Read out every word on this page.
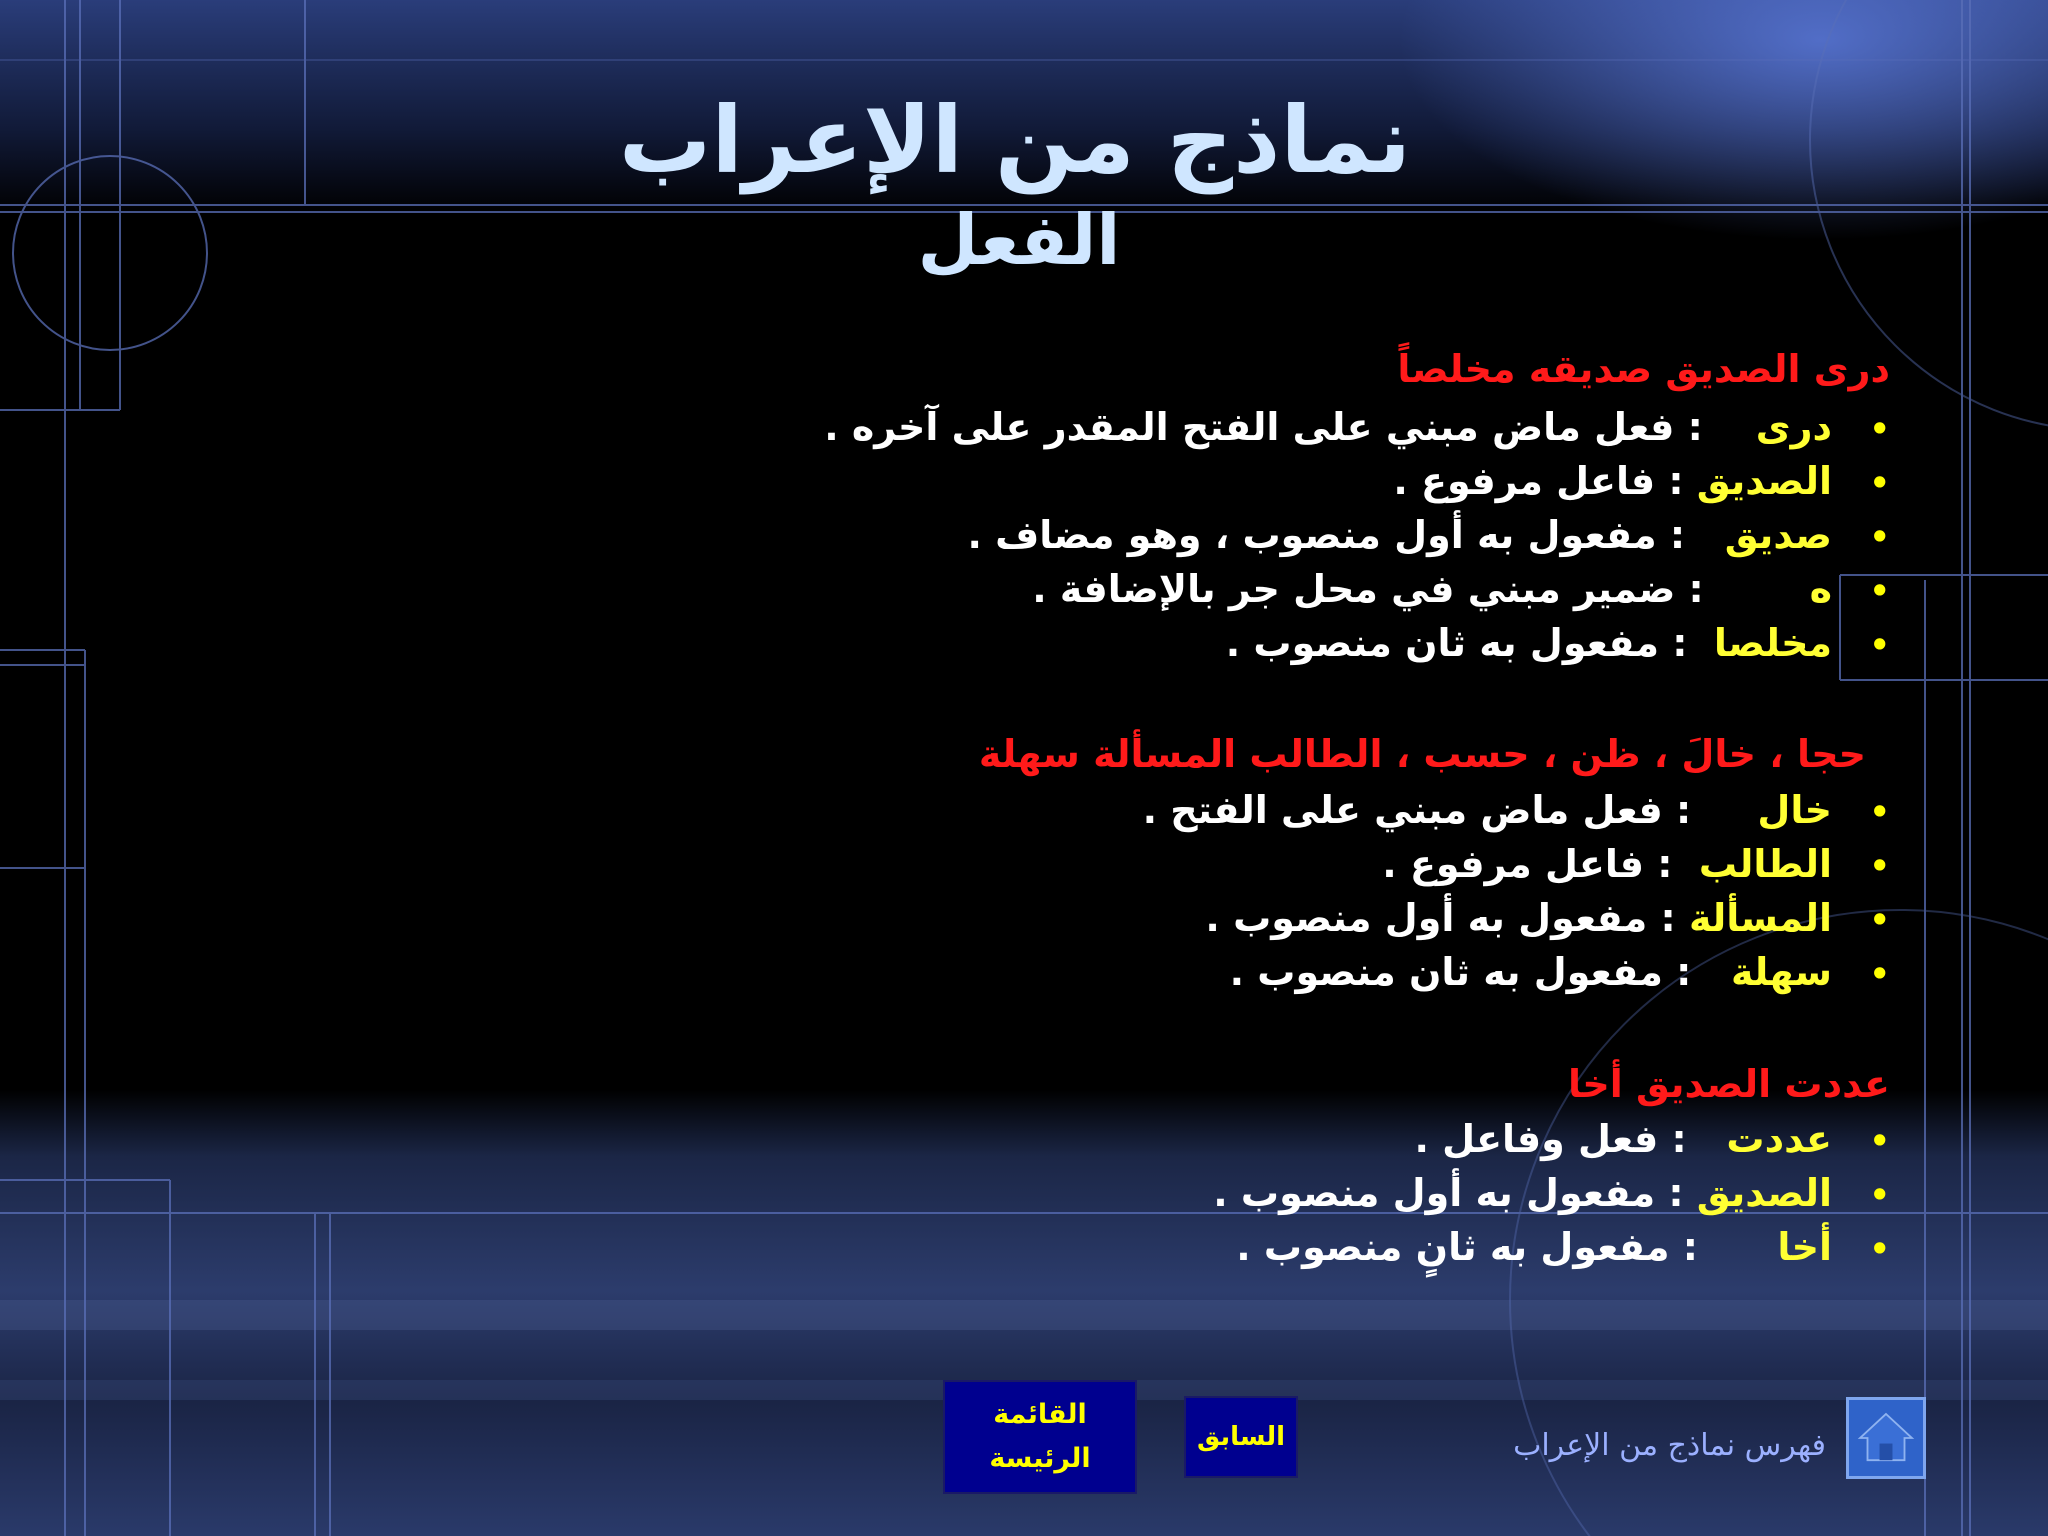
نماذج من الإعراب
الفعل
درى الصديق صديقه مخلصاً
•درى    : فعل ماض مبني على الفتح المقدر على آخره .
•الصديق : فاعل مرفوع .
•صديق   : مفعول به أول منصوب ، وهو مضاف .
•ه        : ضمير مبني في محل جر بالإضافة .
•مخلصا  : مفعول به ثان منصوب .
حجا ، خالَ ، ظن ، حسب ، الطالب المسألة سهلة
•خال     : فعل ماض مبني على الفتح .
•الطالب  : فاعل مرفوع .
•المسألة : مفعول به أول منصوب .
•سهلة   : مفعول به ثان منصوب .
عددت الصديق أخا
•عددت   : فعل وفاعل .
•الصديق : مفعول به أول منصوب .
•أخا      : مفعول به ثانٍ منصوب .
القائمة
الرئيسة
السابق	فهرس نماذج من الإعراب
